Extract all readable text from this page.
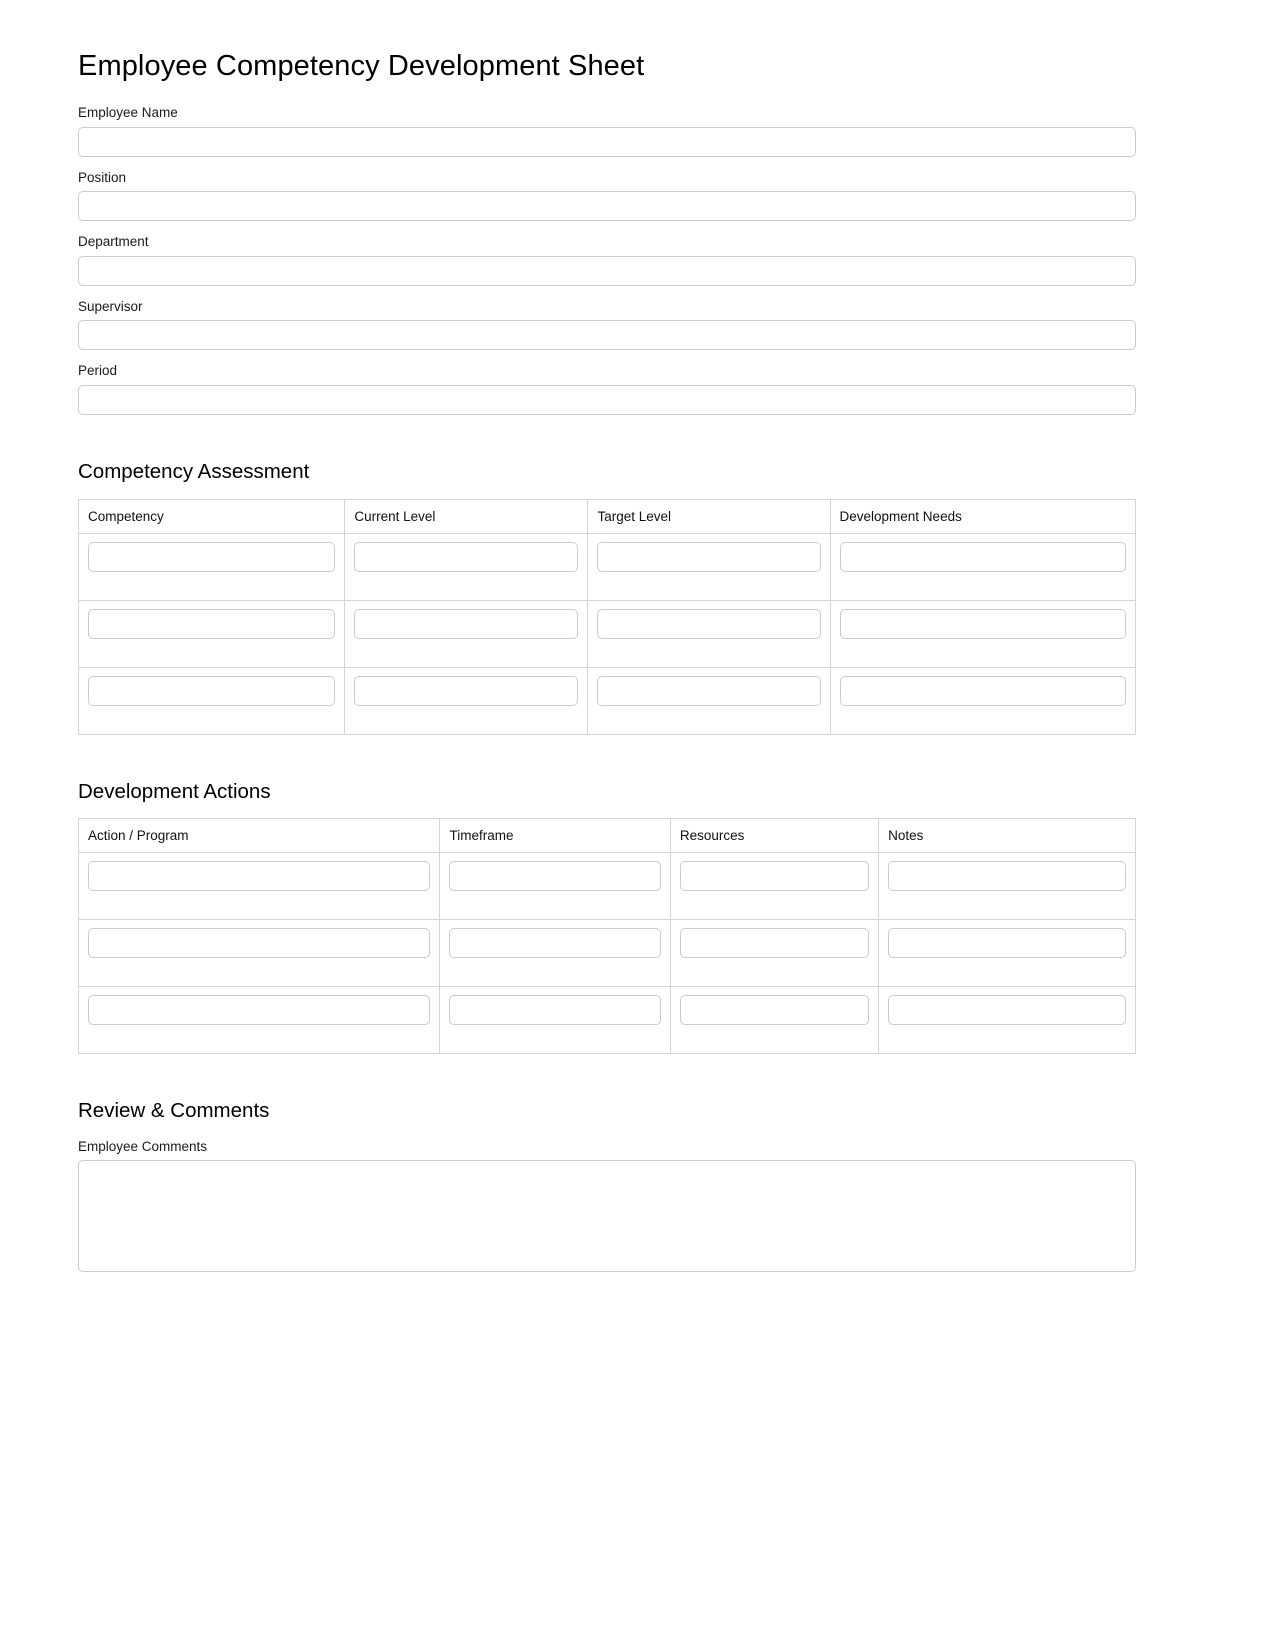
Employee Competency Development Sheet
Employee Name
Position
Department
Supervisor
Period
Competency Assessment
Competency	Current Level	Target Level	Development Needs

Development Actions
Action / Program	Timeframe	Resources	Notes

Review & Comments
Employee Comments
